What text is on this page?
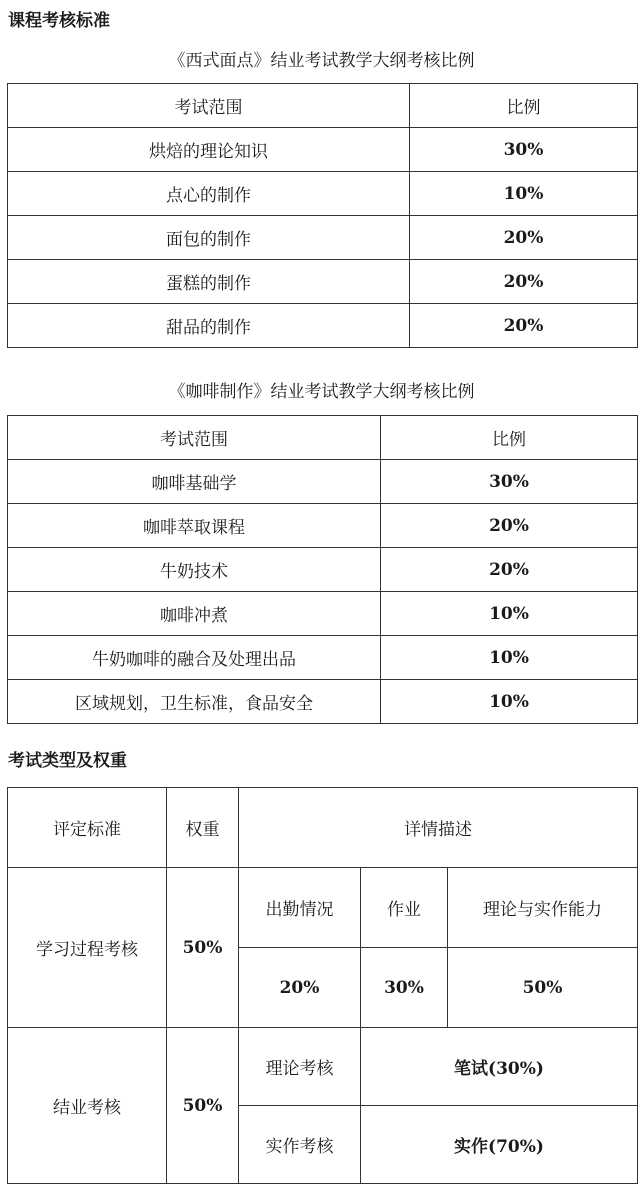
课程考核标准
《西式面点》结业考试教学大纲考核比例
考试范围	比例
烘焙的理论知识	30%
点心的制作	10%
面包的制作	20%
蛋糕的制作	20%
甜品的制作	20%
《咖啡制作》结业考试教学大纲考核比例
考试范围	比例
咖啡基础学	30%
咖啡萃取课程	20%
牛奶技术	20%
咖啡冲煮	10%
牛奶咖啡的融合及处理出品	10%
区域规划，卫生标准，食品安全	10%
考试类型及权重
评定标准	权重	详情描述		
学习过程考核	50%	出勤情况	作业	理论与实作能力
		20%	30%	50%
结业考核	50%	理论考核	笔试(30%)	
		实作考核	实作(70%)	
